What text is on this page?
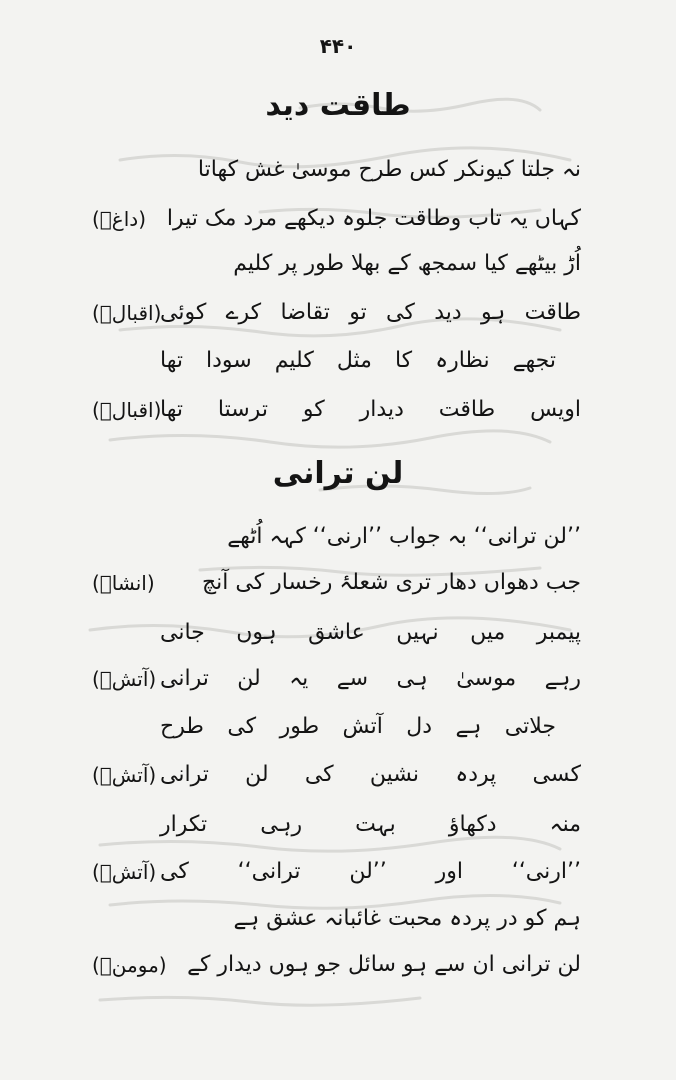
۴۴۰
طاقت دید
نہ جلتا کیونکر کس طرح موسیٰ غش کھاتا
کہاں یہ تاب وطاقت جلوہ دیکھے مرد مک تیرا
(داغؔ)
اُڑ بیٹھے کیا سمجھ کے بھلا طور پر کلیم
طاقت ہو دید کی تو تقاضا کرے کوئی
(اقبالؔ)
تجھے نظارہ کا مثل کلیم سودا تھا
اویس طاقت دیدار کو ترستا تھا
(اقبالؔ)
لن ترانی
’’لن ترانی‘‘ بہ جواب ’’ارنی‘‘ کہہ اُٹھے
جب دھواں دھار تری شعلۂ رخسار کی آنچ
(انشاؔ)
پیمبر میں نہیں عاشق ہوں جانی
رہے موسیٰ ہی سے یہ لن ترانی
(آتشؔ)
جلاتی ہے دل آتش طور کی طرح
کسی پردہ نشین کی لن ترانی
(آتشؔ)
منہ دکھاؤ بہت رہی تکرار
’’ارنی‘‘ اور ’’لن ترانی‘‘ کی
(آتشؔ)
ہم کو در پردہ محبت غائبانہ عشق ہے
لن ترانی ان سے ہو سائل جو ہوں دیدار کے
(مومنؔ)
